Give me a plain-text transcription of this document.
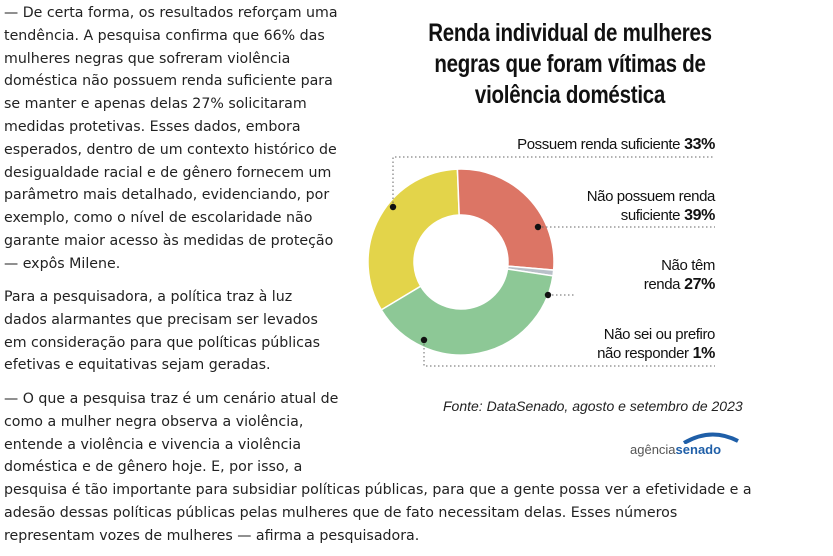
— De certa forma, os resultados reforçam uma tendência. A pesquisa confirma que 66% das mulheres negras que sofreram violência doméstica não possuem renda suficiente para se manter e apenas delas 27% solicitaram medidas protetivas. Esses dados, embora esperados, dentro de um contexto histórico de desigualdade racial e de gênero fornecem um parâmetro mais detalhado, evidenciando, por exemplo, como o nível de escolaridade não garante maior acesso às medidas de proteção — expôs Milene.

Para a pesquisadora, a política traz à luz dados alarmantes que precisam ser levados em consideração para que políticas públicas efetivas e equitativas sejam geradas.

— O que a pesquisa traz é um cenário atual de como a mulher negra observa a violência, entende a violência e vivencia a violência doméstica e de gênero hoje. E, por isso, a

pesquisa é tão importante para subsidiar políticas públicas, para que a gente possa ver a efetividade e a adesão dessas políticas públicas pelas mulheres que de fato necessitam delas. Esses números representam vozes de mulheres — afirma a pesquisadora.

Renda individual de mulheres negras que foram vítimas de violência doméstica
Possuem renda suficiente 33%
Não possuem renda suficiente 39%
Não têm renda 27%
Não sei ou prefiro não responder 1%
Fonte: DataSenado, agosto e setembro de 2023
agênciasenado
